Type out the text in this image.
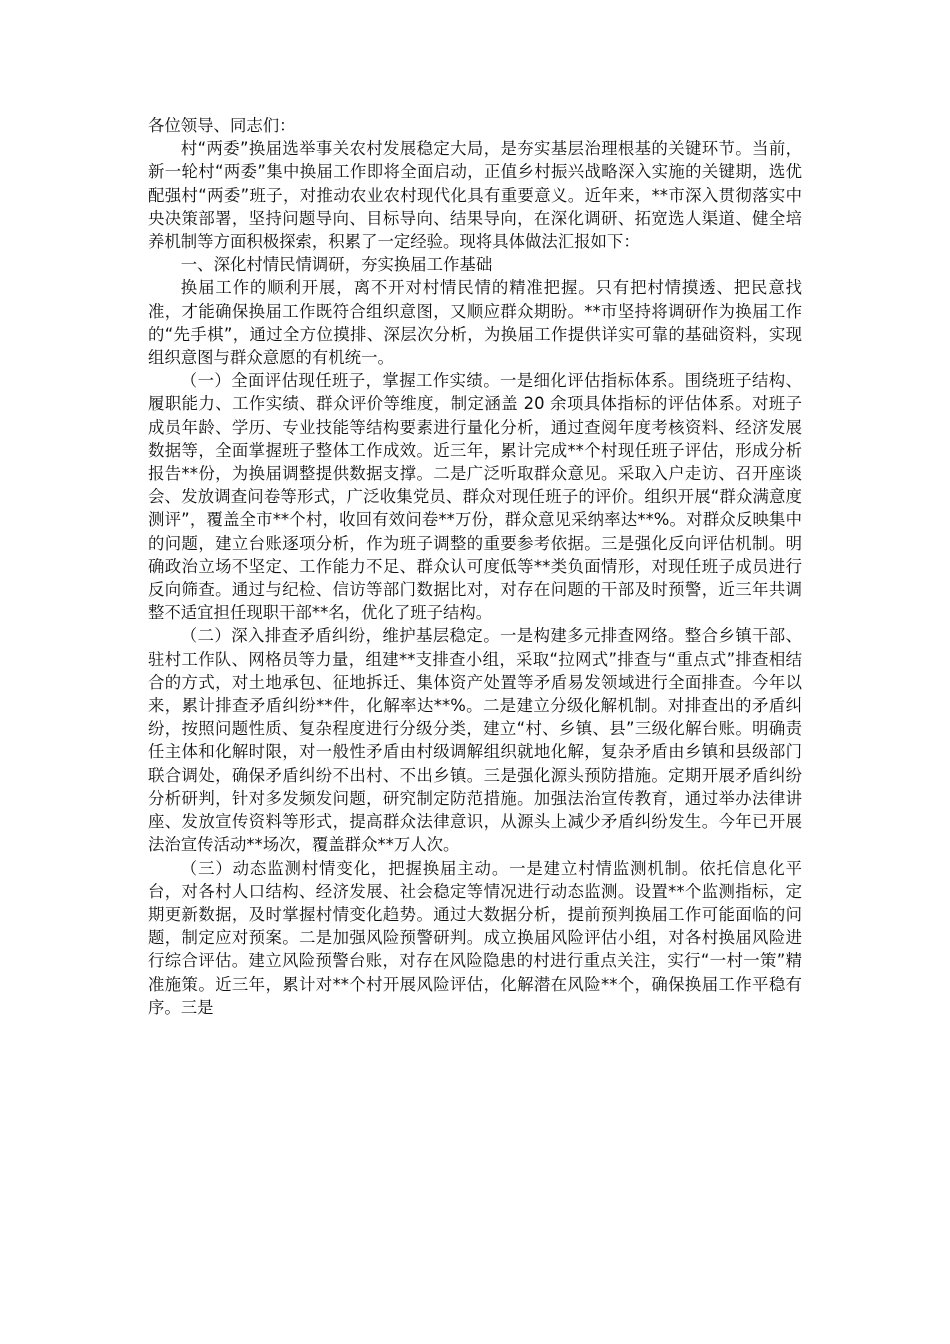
各位领导、同志们：

村“两委”换届选举事关农村发展稳定大局，是夯实基层治理根基的关键环节。当前，新一轮村“两委”集中换届工作即将全面启动，正值乡村振兴战略深入实施的关键期，选优配强村“两委”班子，对推动农业农村现代化具有重要意义。近年来，**市深入贯彻落实中央决策部署，坚持问题导向、目标导向、结果导向，在深化调研、拓宽选人渠道、健全培养机制等方面积极探索，积累了一定经验。现将具体做法汇报如下：

一、深化村情民情调研，夯实换届工作基础

换届工作的顺利开展，离不开对村情民情的精准把握。只有把村情摸透、把民意找准，才能确保换届工作既符合组织意图，又顺应群众期盼。**市坚持将调研作为换届工作的“先手棋”，通过全方位摸排、深层次分析，为换届工作提供详实可靠的基础资料，实现组织意图与群众意愿的有机统一。

（一）全面评估现任班子，掌握工作实绩。一是细化评估指标体系。围绕班子结构、履职能力、工作实绩、群众评价等维度，制定涵盖 20 余项具体指标的评估体系。对班子成员年龄、学历、专业技能等结构要素进行量化分析，通过查阅年度考核资料、经济发展数据等，全面掌握班子整体工作成效。近三年，累计完成**个村现任班子评估，形成分析报告**份，为换届调整提供数据支撑。二是广泛听取群众意见。采取入户走访、召开座谈会、发放调查问卷等形式，广泛收集党员、群众对现任班子的评价。组织开展“群众满意度测评”，覆盖全市**个村，收回有效问卷**万份，群众意见采纳率达**%。对群众反映集中的问题，建立台账逐项分析，作为班子调整的重要参考依据。三是强化反向评估机制。明确政治立场不坚定、工作能力不足、群众认可度低等**类负面情形，对现任班子成员进行反向筛查。通过与纪检、信访等部门数据比对，对存在问题的干部及时预警，近三年共调整不适宜担任现职干部**名，优化了班子结构。

（二）深入排查矛盾纠纷，维护基层稳定。一是构建多元排查网络。整合乡镇干部、驻村工作队、网格员等力量，组建**支排查小组，采取“拉网式”排查与“重点式”排查相结合的方式，对土地承包、征地拆迁、集体资产处置等矛盾易发领域进行全面排查。今年以来，累计排查矛盾纠纷**件，化解率达**%。二是建立分级化解机制。对排查出的矛盾纠纷，按照问题性质、复杂程度进行分级分类，建立“村、乡镇、县”三级化解台账。明确责任主体和化解时限，对一般性矛盾由村级调解组织就地化解，复杂矛盾由乡镇和县级部门联合调处，确保矛盾纠纷不出村、不出乡镇。三是强化源头预防措施。定期开展矛盾纠纷分析研判，针对多发频发问题，研究制定防范措施。加强法治宣传教育，通过举办法律讲座、发放宣传资料等形式，提高群众法律意识，从源头上减少矛盾纠纷发生。今年已开展法治宣传活动**场次，覆盖群众**万人次。

（三）动态监测村情变化，把握换届主动。一是建立村情监测机制。依托信息化平台，对各村人口结构、经济发展、社会稳定等情况进行动态监测。设置**个监测指标，定期更新数据，及时掌握村情变化趋势。通过大数据分析，提前预判换届工作可能面临的问题，制定应对预案。二是加强风险预警研判。成立换届风险评估小组，对各村换届风险进行综合评估。建立风险预警台账，对存在风险隐患的村进行重点关注，实行“一村一策”精准施策。近三年，累计对**个村开展风险评估，化解潜在风险**个，确保换届工作平稳有序。三是
